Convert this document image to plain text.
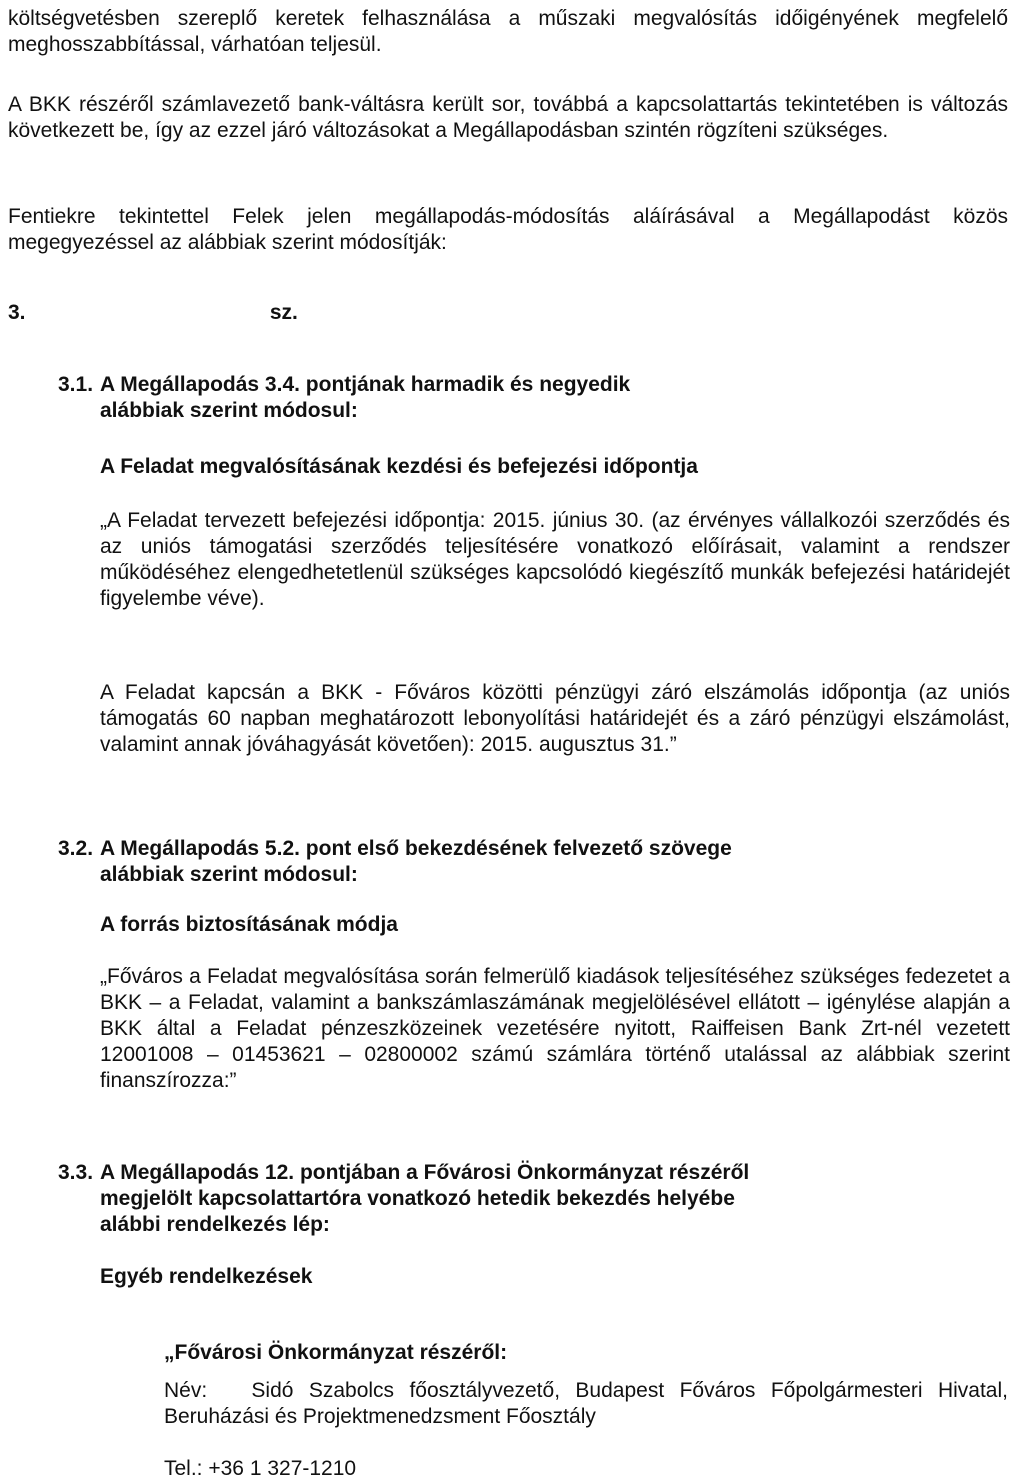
költségvetésben szereplő keretek felhasználása a műszaki megvalósítás időigényének megfelelő meghosszabbítással, várhatóan teljesül.
A BKK részéről számlavezető bank-váltásra került sor, továbbá a kapcsolattartás tekintetében is változás következett be, így az ezzel járó változásokat a Megállapodásban szintén rögzíteni szükséges.
Fentiekre tekintettel Felek jelen megállapodás-módosítás aláírásával a Megállapodást közös megegyezéssel az alábbiak szerint módosítják:
3.	sz.
3.1. A Megállapodás 3.4. pontjának harmadik és negyedik
alábbiak szerint módosul:
A Feladat megvalósításának kezdési és befejezési időpontja
„A Feladat tervezett befejezési időpontja: 2015. június 30. (az érvényes vállalkozói szerződés és az uniós támogatási szerződés teljesítésére vonatkozó előírásait, valamint a rendszer működéséhez elengedhetetlenül szükséges kapcsolódó kiegészítő munkák befejezési határidejét figyelembe véve).
A Feladat kapcsán a BKK - Főváros közötti pénzügyi záró elszámolás időpontja (az uniós támogatás 60 napban meghatározott lebonyolítási határidejét és a záró pénzügyi elszámolást, valamint annak jóváhagyását követően): 2015. augusztus 31.”
3.2. A Megállapodás 5.2. pont első bekezdésének felvezető szövege
alábbiak szerint módosul:
A forrás biztosításának módja
„Főváros a Feladat megvalósítása során felmerülő kiadások teljesítéséhez szükséges fedezetet a BKK – a Feladat, valamint a bankszámlaszámának megjelölésével ellátott – igénylése alapján a BKK által a Feladat pénzeszközeinek vezetésére nyitott, Raiffeisen Bank Zrt-nél vezetett 12001008 – 01453621 – 02800002 számú számlára történő utalással az alábbiak szerint finanszírozza:”
3.3. A Megállapodás 12. pontjában a Fővárosi Önkormányzat részéről
megjelölt kapcsolattartóra vonatkozó hetedik bekezdés helyébe
alábbi rendelkezés lép:
Egyéb rendelkezések
„Fővárosi Önkormányzat részéről:
Név: Sidó Szabolcs főosztályvezető, Budapest Főváros Főpolgármesteri Hivatal, Beruházási és Projektmenedzsment Főosztály
Tel.: +36 1 327-1210
